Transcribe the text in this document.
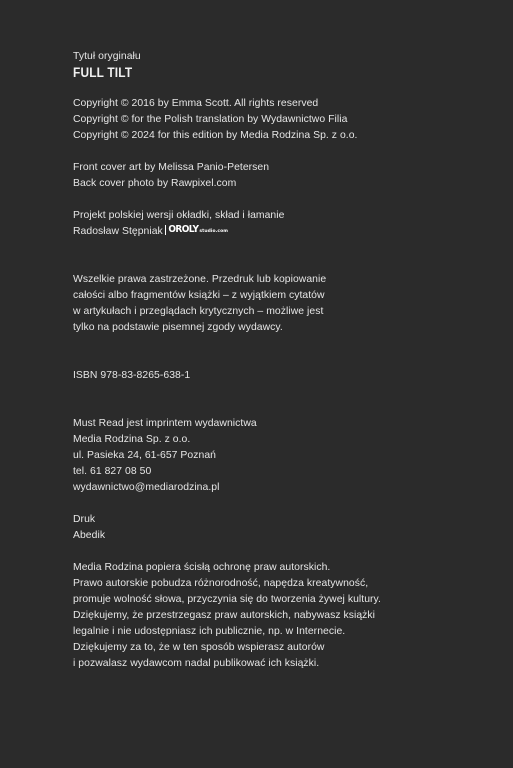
Tytuł oryginału
FULL TILT
Copyright © 2016 by Emma Scott. All rights reserved
Copyright © for the Polish translation by Wydawnictwo Filia
Copyright © 2024 for this edition by Media Rodzina Sp. z o.o.
Front cover art by Melissa Panio-Petersen
Back cover photo by Rawpixel.com
Projekt polskiej wersji okładki, skład i łamanie
Radosław Stępniak OROLY studio.com
Wszelkie prawa zastrzeżone. Przedruk lub kopiowanie
całości albo fragmentów książki – z wyjątkiem cytatów
w artykułach i przeglądach krytycznych – możliwe jest
tylko na podstawie pisemnej zgody wydawcy.
ISBN 978-83-8265-638-1
Must Read jest imprintem wydawnictwa
Media Rodzina Sp. z o.o.
ul. Pasieka 24, 61-657 Poznań
tel. 61 827 08 50
wydawnictwo@mediarodzina.pl
Druk
Abedik
Media Rodzina popiera ścisłą ochronę praw autorskich.
Prawo autorskie pobudza różnorodność, napędza kreatywność,
promuje wolność słowa, przyczynia się do tworzenia żywej kultury.
Dziękujemy, że przestrzegasz praw autorskich, nabywasz książki
legalnie i nie udostępniasz ich publicznie, np. w Internecie.
Dziękujemy za to, że w ten sposób wspierasz autorów
i pozwalasz wydawcom nadal publikować ich książki.
